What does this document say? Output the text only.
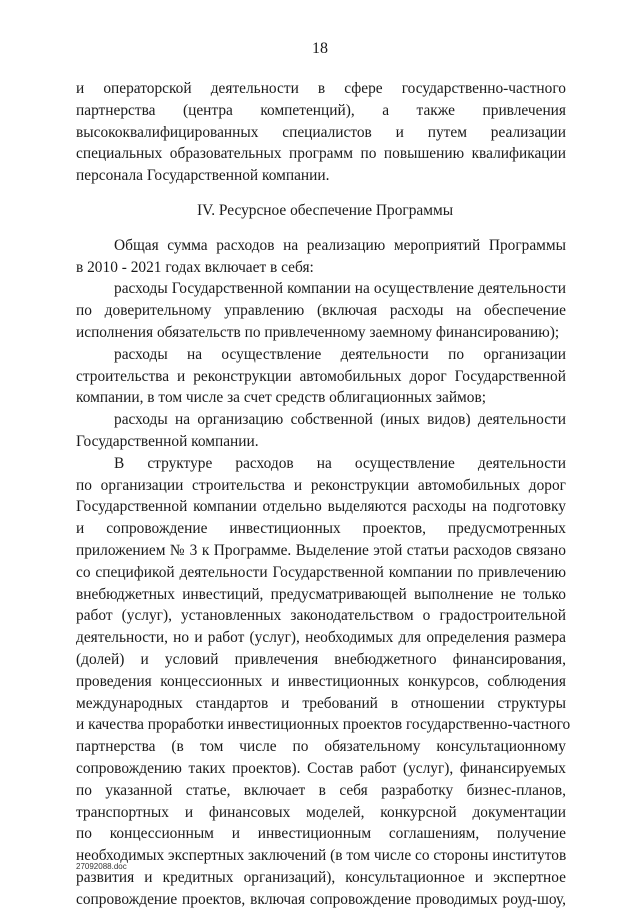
18
и операторской деятельности в сфере государственно-частного
партнерства (центра компетенций), а также привлечения
высококвалифицированных специалистов и путем реализации
специальных образовательных программ по повышению квалификации
персонала Государственной компании.
IV. Ресурсное обеспечение Программы
Общая сумма расходов на реализацию мероприятий Программы
в 2010 - 2021 годах включает в себя:
расходы Государственной компании на осуществление деятельности
по доверительному управлению (включая расходы на обеспечение
исполнения обязательств по привлеченному заемному финансированию);
расходы на осуществление деятельности по организации
строительства и реконструкции автомобильных дорог Государственной
компании, в том числе за счет средств облигационных займов;
расходы на организацию собственной (иных видов) деятельности
Государственной компании.
В структуре расходов на осуществление деятельности
по организации строительства и реконструкции автомобильных дорог
Государственной компании отдельно выделяются расходы на подготовку
и сопровождение инвестиционных проектов, предусмотренных
приложением № 3 к Программе. Выделение этой статьи расходов связано
со спецификой деятельности Государственной компании по привлечению
внебюджетных инвестиций, предусматривающей выполнение не только
работ (услуг), установленных законодательством о градостроительной
деятельности, но и работ (услуг), необходимых для определения размера
(долей) и условий привлечения внебюджетного финансирования,
проведения концессионных и инвестиционных конкурсов, соблюдения
международных стандартов и требований в отношении структуры
и качества проработки инвестиционных проектов государственно-частного
партнерства (в том числе по обязательному консультационному
сопровождению таких проектов). Состав работ (услуг), финансируемых
по указанной статье, включает в себя разработку бизнес-планов,
транспортных и финансовых моделей, конкурсной документации
по концессионным и инвестиционным соглашениям, получение
необходимых экспертных заключений (в том числе со стороны институтов
развития и кредитных организаций), консультационное и экспертное
сопровождение проектов, включая сопровождение проводимых роуд-шоу,
27092088.doc
